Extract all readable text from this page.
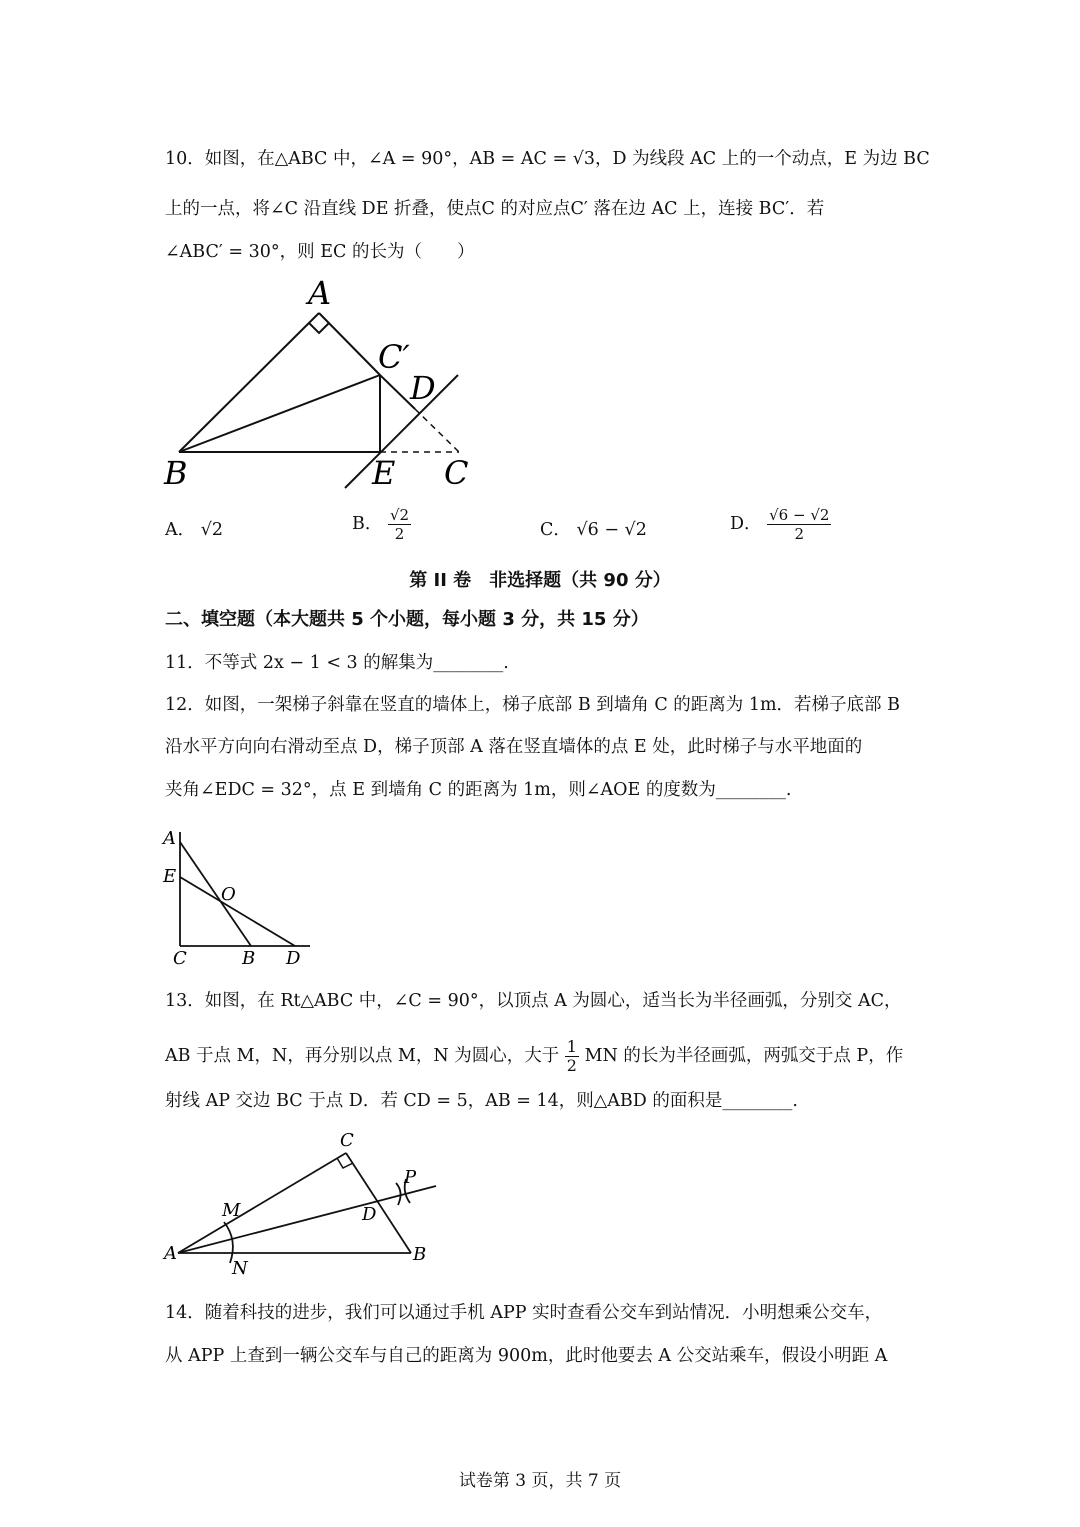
10．如图，在△ABC 中，∠A = 90°，AB = AC = √3，D 为线段 AC 上的一个动点，E 为边 BC
上的一点，将∠C 沿直线 DE 折叠，使点C 的对应点C′ 落在边 AC 上，连接 BC′．若
∠ABC′ = 30°，则 EC 的长为（　　）
A
B	C
C′
D
E
A． √2	B． $\frac{√2}{2}$	C． √6 − √2	D． $\frac{√6 - √2}{2}$
第 II 卷　非选择题（共 90 分）
二、填空题（本大题共 5 个小题，每小题 3 分，共 15 分）
11．不等式 2x − 1 < 3 的解集为________.
12．如图，一架梯子斜靠在竖直的墙体上，梯子底部 B 到墙角 C 的距离为 1m．若梯子底部 B
沿水平方向向右滑动至点 D，梯子顶部 A 落在竖直墙体的点 E 处，此时梯子与水平地面的
夹角∠EDC = 32°，点 E 到墙角 C 的距离为 1m，则∠AOE 的度数为________.
A
E
O
C	B D
13．如图，在 Rt△ABC 中，∠C = 90°，以顶点 A 为圆心，适当长为半径画弧，分别交 AC，
AB 于点 M，N，再分别以点 M，N 为圆心，大于 $\frac{1}{2}$ MN 的长为半径画弧，两弧交于点 P，作
射线 AP 交边 BC 于点 D．若 CD = 5，AB = 14，则△ABD 的面积是________.
C
P
M	D
A
N
B
14．随着科技的进步，我们可以通过手机 APP 实时查看公交车到站情况．小明想乘公交车，
从 APP 上查到一辆公交车与自己的距离为 900m，此时他要去 A 公交站乘车，假设小明距 A
试卷第 3 页，共 7 页
